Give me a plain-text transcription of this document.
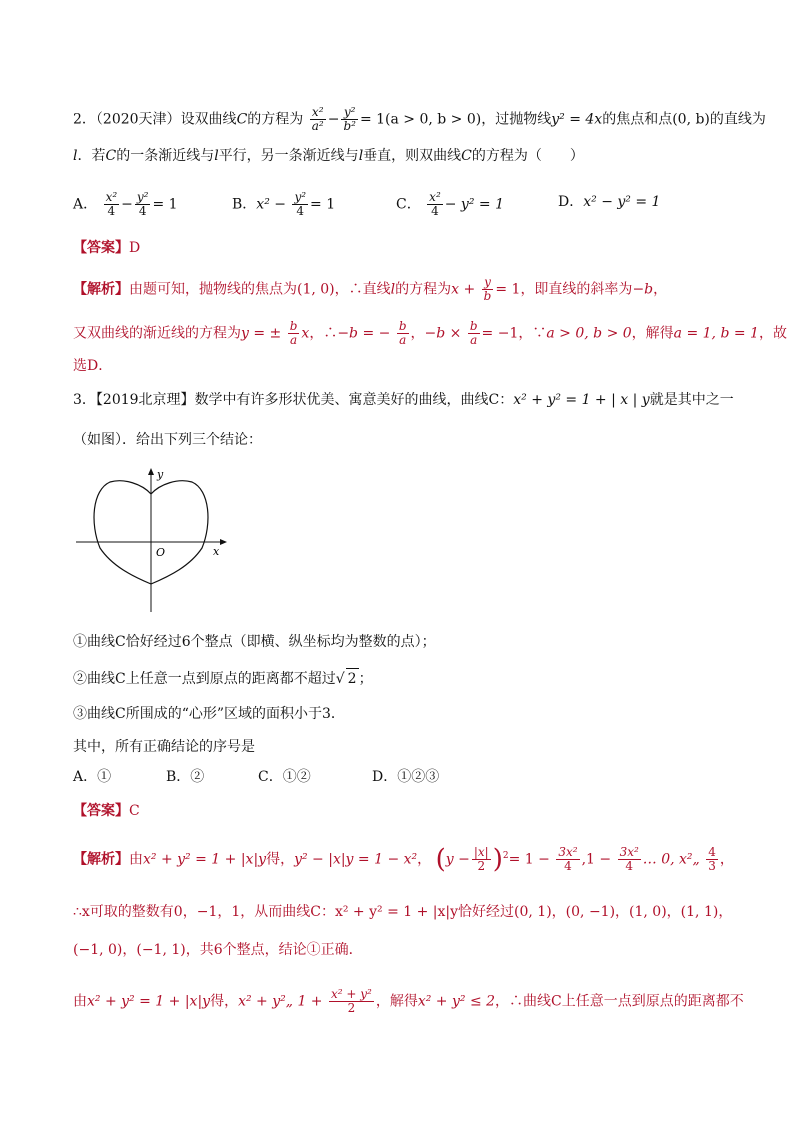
2．（2020天津）设双曲线C的方程为 $\frac{\text{x²}}{\text{a²}} - \frac{\text{y²}}{\text{b²}} = 1(a > 0$, b > 0)，过抛物线y² = 4x的焦点和点(0, b)的直线为
l．若C的一条渐近线与l平行，另一条渐近线与l垂直，则双曲线C的方程为（　　）
A． $\frac{\text{x²}}{4} - \frac{\text{y²}}{4} = 1$	B．$x^2 - \frac{\text{y²}}{4} = 1$	C． $\frac{\text{x²}}{4} - y^2 = 1$	D．x² − y² = 1
【答案】D
【解析】由题可知，抛物线的焦点为(1, 0)，∴直线l的方程为$x + \frac{y}{b} = 1$，即直线的斜率为−b，
又双曲线的渐近线的方程为y = ± $\frac{b}{a}$ x，∴−b = − $\frac{b}{a}$ ，$-b \times \frac{b}{a} = -1$，∵a > 0, b > 0，解得a = 1, b = 1，故
选D．
3．【2019北京理】数学中有许多形状优美、寓意美好的曲线，曲线C：x² + y² = 1 + | x | y就是其中之一
（如图）．给出下列三个结论：
y
x
O
①曲线C恰好经过6个整点（即横、纵坐标均为整数的点）；
②曲线C上任意一点到原点的距离都不超过√ 2 ；
③曲线C所围成的“心形”区域的面积小于3．
其中，所有正确结论的序号是
A．①	B．②	C．①②	D．①②③
【答案】C
【解析】由x² + y² = 1 + |x|y得，y² − |x|y = 1 − x²， $(y - \frac{|x|}{2} )^2= 1 - \frac{\text{3x²}}{4} ,1 - \frac{\text{3x²}}{4}$ … 0, x²„ $\frac{4}{3}$ ，
∴x可取的整数有0，−1，1，从而曲线C：x² + y² = 1 + |x|y恰好经过(0, 1)，(0, −1)，(1, 0)，(1, 1)，
(−1, 0)，(−1, 1)，共6个整点，结论①正确．
由x² + y² = 1 + |x|y得，x² + y²„ $1 + \frac{\text{x² + y²}}{2}$ ，解得x² + y² ≤ 2，∴曲线C上任意一点到原点的距离都不
